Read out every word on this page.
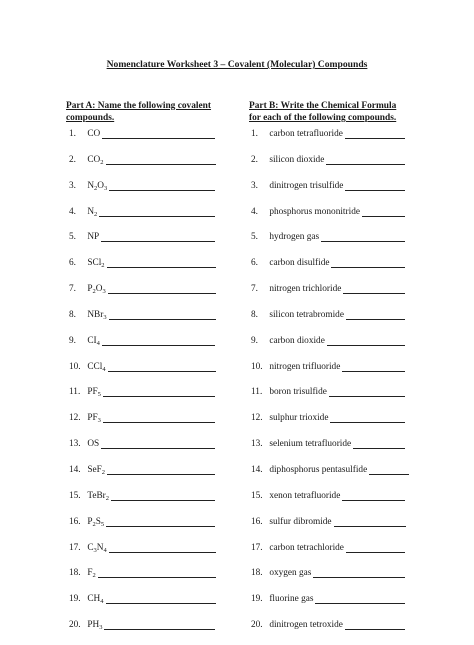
Nomenclature Worksheet 3 – Covalent (Molecular) Compounds
Part A: Name the following covalent
compounds.
Part B: Write the Chemical Formula
for each of the following compounds.
1.
	CO
2.
	$CO_2$
3.
	$N_2O_3$
4.
	$N_2$
5.
	NP
6.
	SCl$_2$
7.
	$P_2O_3$
8.
	NBr$_3$
9.
	$CI_4$
10.
CCl$_4$
11.
$PF_5$
12.
$PF_3$
13.
OS
14.
SeF$_2$
15.
TeBr$_2$
16.
$P_2S_5$
17.
$C_3N_4$
18.
$F_2$
19.
$CH_4$
20.
$PH_3$
1.
	carbon tetrafluoride
2.
	silicon dioxide
3.
	dinitrogen trisulfide
4.
	phosphorus mononitride
5.
	hydrogen gas
6.
	carbon disulfide
7.
	nitrogen trichloride
8.
	silicon tetrabromide
9.
	carbon dioxide
10.
nitrogen trifluoride
11.
boron trisulfide
12.
sulphur trioxide
13.
selenium tetrafluoride
14.
diphosphorus pentasulfide
15.
xenon tetrafluoride
16.
sulfur dibromide
17.
carbon tetrachloride
18.
oxygen gas
19.
fluorine gas
20.
dinitrogen tetroxide
